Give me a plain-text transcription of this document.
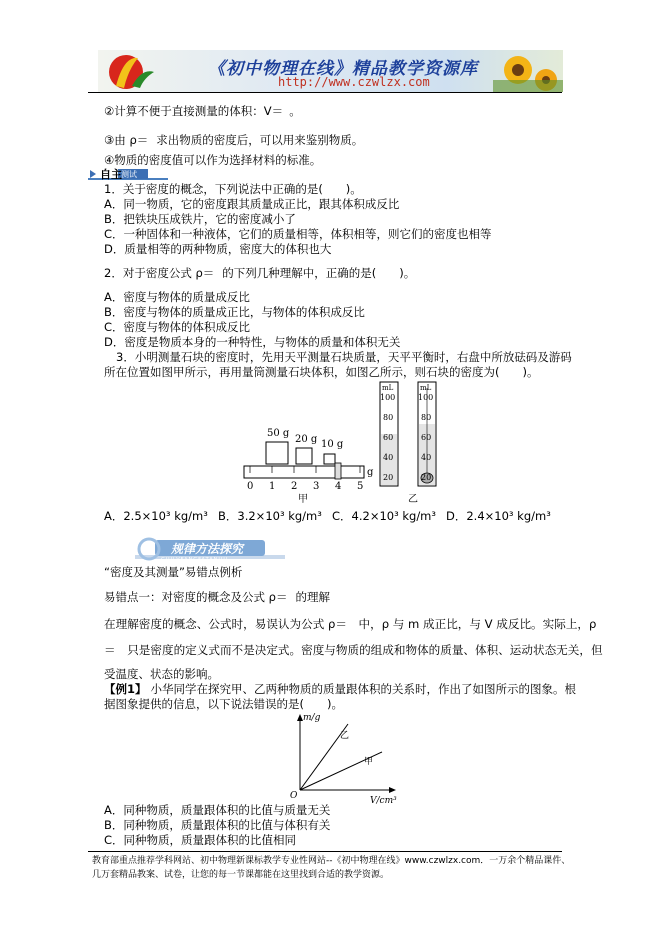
《初中物理在线》精品教学资源库
http://www.czwlzx.com
②计算不便于直接测量的体积：V＝ 。
③由 ρ＝ 求出物质的密度后，可以用来鉴别物质。
④物质的密度值可以作为选择材料的标准。
自主 测试
1．关于密度的概念，下列说法中正确的是(　　)。
A．同一物质，它的密度跟其质量成正比，跟其体积成反比
B．把铁块压成铁片，它的密度减小了
C．一种固体和一种液体，它们的质量相等，体积相等，则它们的密度也相等
D．质量相等的两种物质，密度大的体积也大
2．对于密度公式 ρ＝ 的下列几种理解中，正确的是(　　)。
A．密度与物体的质量成反比
B．密度与物体的质量成正比，与物体的体积成反比
C．密度与物体的体积成反比
D．密度是物质本身的一种特性，与物体的质量和体积无关
3．小明测量石块的密度时，先用天平测量石块质量，天平平衡时，右盘中所放砝码及游码
所在位置如图甲所示，再用量筒测量石块体积，如图乙所示，则石块的密度为(　　)。
50 g
20 g 10 g
0 1 2 3 4 5
g
甲	乙
mL
100
80
60
40
20
mL
100
80
60
40
20
A．2.5×10³ kg/m³ B．3.2×10³ kg/m³ C．4.2×10³ kg/m³ D．2.4×10³ kg/m³
规律方法探究
GUILVFANGFATANJIU
“密度及其测量”易错点例析
易错点一：对密度的概念及公式 ρ＝ 的理解
在理解密度的概念、公式时，易误认为公式 ρ＝　中，ρ 与 m 成正比，与 V 成反比。实际上，ρ
＝　只是密度的定义式而不是决定式。密度与物质的组成和物体的质量、体积、运动状态无关，但
受温度、状态的影响。
【例1】 小华同学在探究甲、乙两种物质的质量跟体积的关系时，作出了如图所示的图象。根
据图象提供的信息，以下说法错误的是(　　)。
m/g
V/cm³
O
乙
甲
A．同种物质，质量跟体积的比值与质量无关
B．同种物质，质量跟体积的比值与体积有关
C．同种物质，质量跟体积的比值相同
教育部重点推荐学科网站、初中物理新课标教学专业性网站--《初中物理在线》www.czwlzx.com．一万余个精品课件、
几万套精品教案、试卷，让您的每一节课都能在这里找到合适的教学资源。
